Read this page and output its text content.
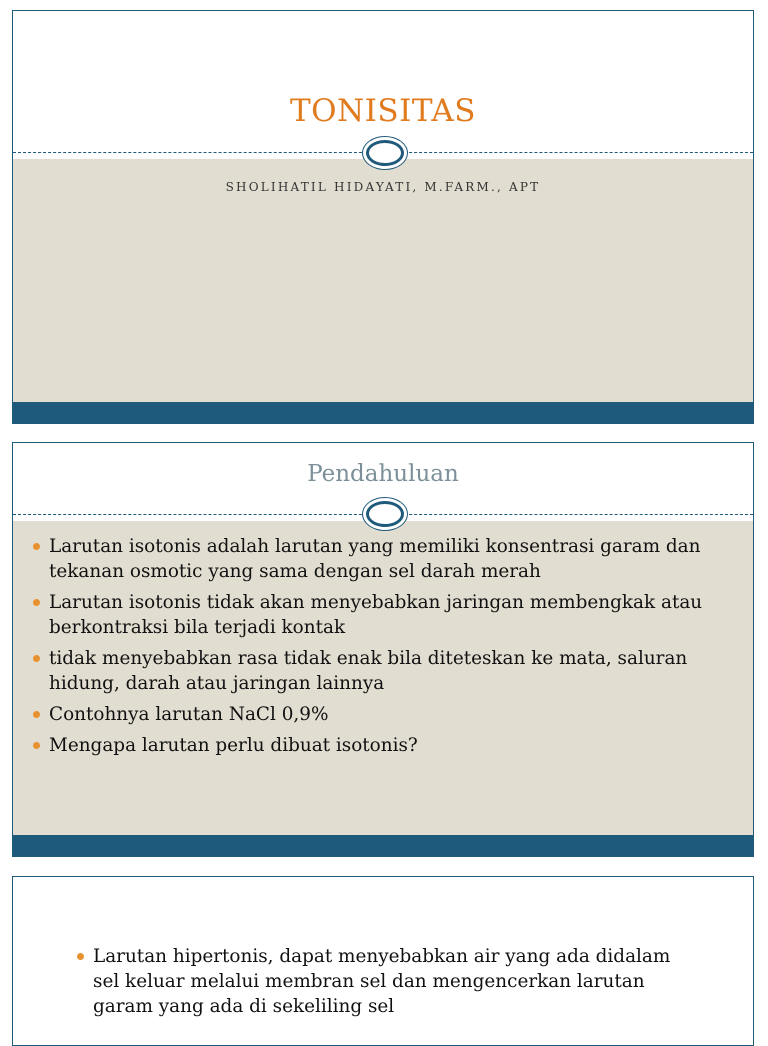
TONISITAS
SHOLIHATIL HIDAYATI, M.FARM., APT
Pendahuluan
Larutan isotonis adalah larutan yang memiliki konsentrasi garam dan tekanan osmotic yang sama dengan sel darah merah
Larutan isotonis tidak akan menyebabkan jaringan membengkak atau berkontraksi bila terjadi kontak
tidak menyebabkan rasa tidak enak bila diteteskan ke mata, saluran hidung, darah atau jaringan lainnya
Contohnya larutan NaCl 0,9%
Mengapa larutan perlu dibuat isotonis?
Larutan hipertonis, dapat menyebabkan air yang ada didalam sel keluar melalui membran sel dan mengencerkan larutan garam yang ada di sekeliling sel
